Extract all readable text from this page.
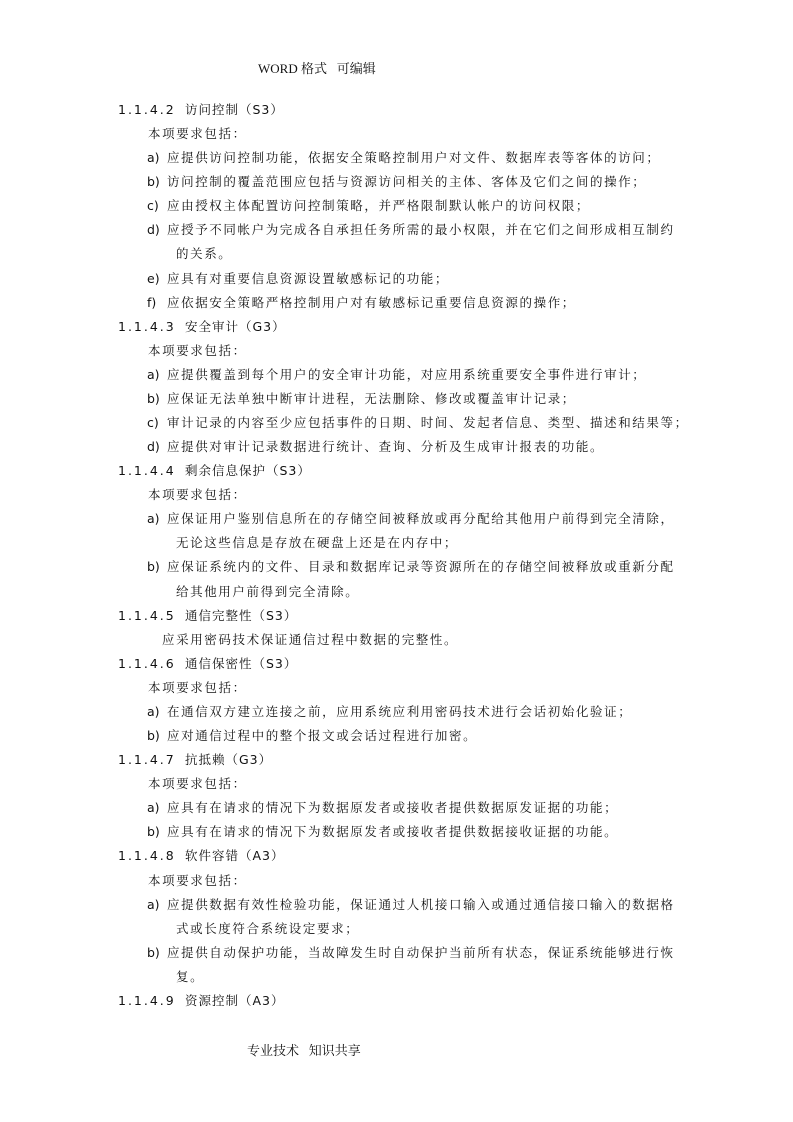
WORD 格式   可编辑
1.1.4.2 访问控制（S3）
本项要求包括：
a) 应提供访问控制功能，依据安全策略控制用户对文件、数据库表等客体的访问；
b) 访问控制的覆盖范围应包括与资源访问相关的主体、客体及它们之间的操作；
c) 应由授权主体配置访问控制策略，并严格限制默认帐户的访问权限；
d) 应授予不同帐户为完成各自承担任务所需的最小权限，并在它们之间形成相互制约
的关系。
e) 应具有对重要信息资源设置敏感标记的功能；
f) 应依据安全策略严格控制用户对有敏感标记重要信息资源的操作；
1.1.4.3 安全审计（G3）
本项要求包括：
a) 应提供覆盖到每个用户的安全审计功能，对应用系统重要安全事件进行审计；
b) 应保证无法单独中断审计进程，无法删除、修改或覆盖审计记录；
c) 审计记录的内容至少应包括事件的日期、时间、发起者信息、类型、描述和结果等；
d) 应提供对审计记录数据进行统计、查询、分析及生成审计报表的功能。
1.1.4.4 剩余信息保护（S3）
本项要求包括：
a) 应保证用户鉴别信息所在的存储空间被释放或再分配给其他用户前得到完全清除，
无论这些信息是存放在硬盘上还是在内存中；
b) 应保证系统内的文件、目录和数据库记录等资源所在的存储空间被释放或重新分配
给其他用户前得到完全清除。
1.1.4.5 通信完整性（S3）
应采用密码技术保证通信过程中数据的完整性。
1.1.4.6 通信保密性（S3）
本项要求包括：
a) 在通信双方建立连接之前，应用系统应利用密码技术进行会话初始化验证；
b) 应对通信过程中的整个报文或会话过程进行加密。
1.1.4.7 抗抵赖（G3）
本项要求包括：
a) 应具有在请求的情况下为数据原发者或接收者提供数据原发证据的功能；
b) 应具有在请求的情况下为数据原发者或接收者提供数据接收证据的功能。
1.1.4.8 软件容错（A3）
本项要求包括：
a) 应提供数据有效性检验功能，保证通过人机接口输入或通过通信接口输入的数据格
式或长度符合系统设定要求；
b) 应提供自动保护功能，当故障发生时自动保护当前所有状态，保证系统能够进行恢
复。
1.1.4.9 资源控制（A3）
专业技术   知识共享
